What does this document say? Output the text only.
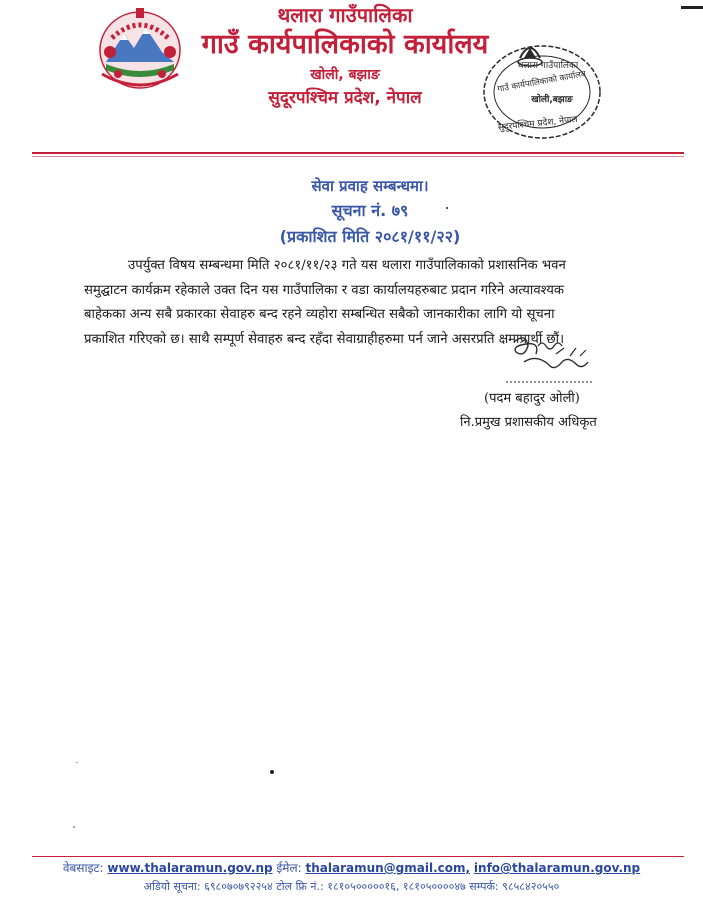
थलारा गाउँपालिका
गाउँ कार्यपालिकाको कार्यालय
खोली, बझाङ
सुदूरपश्चिम प्रदेश, नेपाल
थलारा गाउँपालिका
गाउँ कार्यपालिकाको कार्यालय
खोली,बझाङ
सुदूरपश्चिम प्रदेश, नेपाल
सेवा प्रवाह सम्बन्धमा।
सूचना नं. ७९
(प्रकाशित मिति २०८१/११/२२)
उपर्युक्त विषय सम्बन्धमा मिति २०८१/११/२३ गते यस थलारा गाउँपालिकाको प्रशासनिक भवन
समुद्घाटन कार्यक्रम रहेकाले उक्त दिन यस गाउँपालिका र वडा कार्यालयहरुबाट प्रदान गरिने अत्यावश्यक
बाहेकका अन्य सबै प्रकारका सेवाहरु बन्द रहने व्यहोरा सम्बन्धित सबैको जानकारीका लागि यो सूचना
प्रकाशित गरिएको छ। साथै सम्पूर्ण सेवाहरु बन्द रहँदा सेवाग्राहीहरुमा पर्न जाने असरप्रति क्षमाप्रार्थी छौं।
(पदम बहादुर ओली)
नि.प्रमुख प्रशासकीय अधिकृत
वेबसाइट: www.thalaramun.gov.np ईमेल: thalaramun@gmail.com, info@thalaramun.gov.np
अडियो सूचना: ६९८०७०७९२२५४ टोल फ्रि नं.: १८१०५०००००१६, १८१०५००००४७ सम्पर्क: ९८५८४२०५५०
